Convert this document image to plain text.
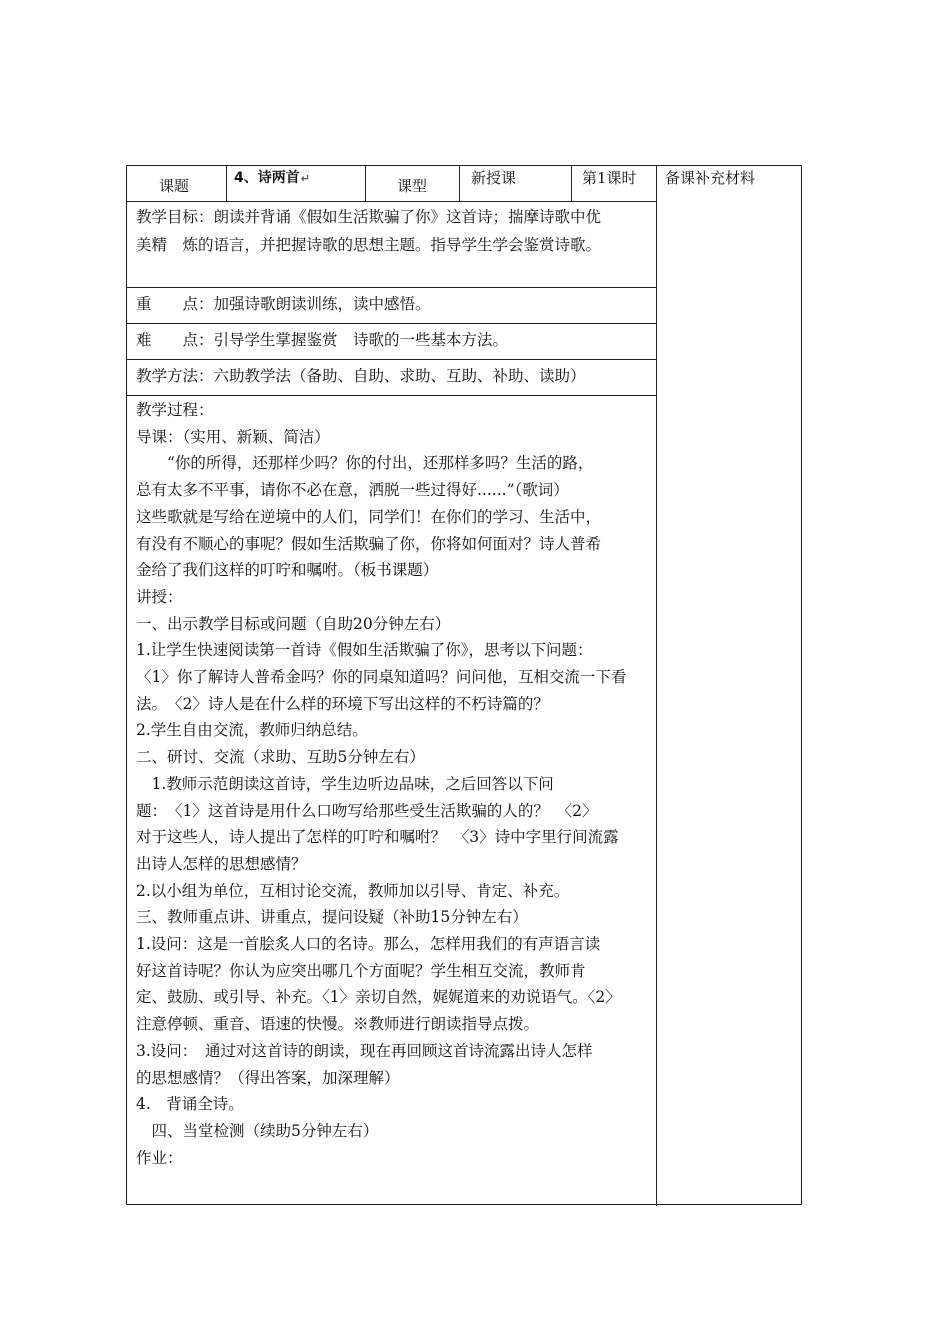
课题	4、诗两首↵	课型	新授课	第1课时 备课补充材料
教学目标：朗读并背诵《假如生活欺骗了你》这首诗；揣摩诗歌中优
美精　炼的语言，并把握诗歌的思想主题。指导学生学会鉴赏诗歌。
重　　点：加强诗歌朗读训练，读中感悟。
难　　点：引导学生掌握鉴赏　诗歌的一些基本方法。
教学方法：六助教学法（备助、自助、求助、互助、补助、读助）
教学过程：
导课：（实用、新颖、简洁）
　　“你的所得，还那样少吗？你的付出，还那样多吗？生活的路，
总有太多不平事，请你不必在意，洒脱一些过得好......”（歌词）
这些歌就是写给在逆境中的人们，同学们！在你们的学习、生活中，
有没有不顺心的事呢？假如生活欺骗了你，你将如何面对？诗人普希
金给了我们这样的叮咛和嘱咐。（板书课题）
讲授：
一、出示教学目标或问题（自助20分钟左右）
1.让学生快速阅读第一首诗《假如生活欺骗了你》，思考以下问题：
〈1〉你了解诗人普希金吗？你的同桌知道吗？问问他，互相交流一下看
法。　〈2〉诗人是在什么样的环境下写出这样的不朽诗篇的？
2.学生自由交流，教师归纳总结。
二、研讨、交流（求助、互助5分钟左右）
　1.教师示范朗读这首诗，学生边听边品味，之后回答以下问
题：　〈1〉这首诗是用什么口吻写给那些受生活欺骗的人的？　〈2〉
对于这些人，诗人提出了怎样的叮咛和嘱咐？　〈3〉诗中字里行间流露
出诗人怎样的思想感情？
2.以小组为单位，互相讨论交流，教师加以引导、肯定、补充。
三、教师重点讲、讲重点，提问设疑（补助15分钟左右）
1.设问：这是一首脍炙人口的名诗。那么，怎样用我们的有声语言读
好这首诗呢？你认为应突出哪几个方面呢？学生相互交流，教师肯
定、鼓励、或引导、补充。〈1〉亲切自然，娓娓道来的劝说语气。〈2〉
注意停顿、重音、语速的快慢。※教师进行朗读指导点拨。
3.设问：　通过对这首诗的朗读，现在再回顾这首诗流露出诗人怎样
的思想感情？（得出答案，加深理解）
4.　背诵全诗。
　四、当堂检测（续助5分钟左右）
作业：
